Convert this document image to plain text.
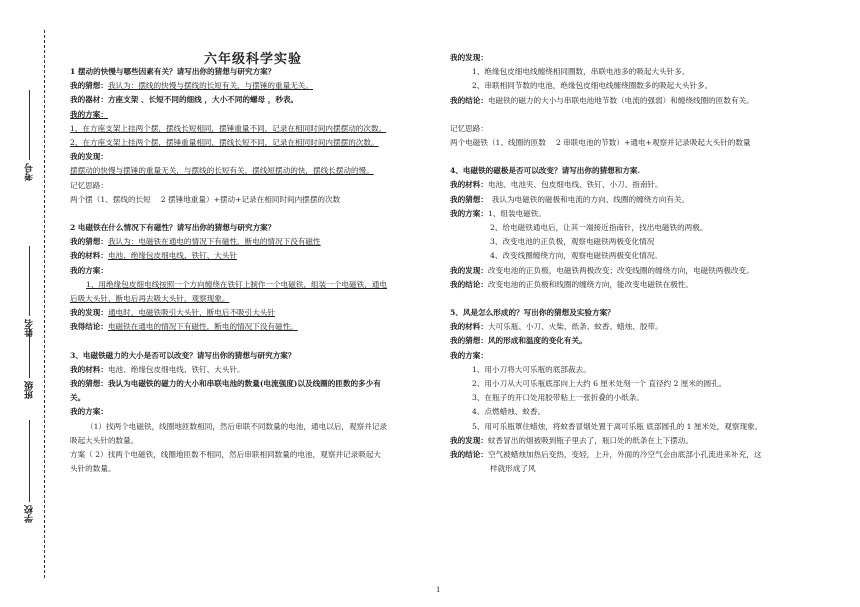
考号
姓名
班级
学校
六年级科学实验
1 摆动的快慢与哪些因素有关？请写出你的猜想与研究方案？
我的猜想：我认为：摆线的快慢与摆线的长短有关，与摆锤的重量无关。
我的器材：方座支架 、长短不同的细线 ，大小不同的螺母 ，秒表。
我的方案：
1、在方座支架上挂两个摆，摆线长短相同，摆锤重量不同，记录在相同时间内摆摆动的次数。
2、在方座支架上挂两个摆，摆锤重量相同，摆线长短不同，记录在相同时间内摆摆的次数。
我的发现：
摆摆动的快慢与摆锤的重量无关，与摆线的长短有关，摆线短摆动的快，摆线长摆动的慢。
记忆思路：
两个摆（1、摆线的长短 　2 摆锤地重量）+摆动+记录在相同时间内摆摆的次数
2 电磁铁在什么情况下有磁性？请写出你的猜想与研究方案？
我的猜想：我认为：电磁铁在通电的情况下有磁性，断电的情况下没有磁性
我的材料：电池、绝缘包皮细电线、铁钉、大头针
我的方案：
1、用绝缘包皮细电线按照一个方向缠绕在铁钉上制作一个电磁铁，组装一个电磁铁，通电
后吸大头针，断电后再去吸大头针，观察现象。
我的发现：通电时，电磁铁吸引大头针，断电后不吸引大头针
我得结论：电磁铁在通电的情况下有磁性，断电的情况下没有磁性。
3、电磁铁磁力的大小是否可以改变？请写出你的猜想与研究方案？
我的材料：电池、绝缘包皮细电线、铁钉、大头针。
我的猜想：我认为电磁铁的磁力的大小和串联电池的数量(电流强度)以及线圈的匝数的多少有
关。
我的方案：
（1）找两个电磁铁，线圈地匝数相同，然后串联不同数量的电池，通电以后，观察并记录
吸起大头针的数量。
方案（ 2）找两个电磁铁，线圈地匝数不相同，然后串联相同数量的电池，观察并记录吸起大
头针的数量。
我的发现：
1、绝缘包皮细电线缠绕相同圈数，串联电池多的吸起大头针多。
2、串联相同节数的电池，绝缘包皮细电线缠绕圈数多的吸起大头针多。
我的结论：电磁铁的磁力的大小与串联电池地节数（电流的强弱）和缠绕线圈的匝数有关。
记忆思路：
两个电磁铁（1、线圈的匝数 　2 串联电池的节数）+通电+观察并记录吸起大头针的数量
4、电磁铁的磁极是否可以改变？请写出你的猜想和方案.
我的材料：电池、电池夹、包皮细电线、铁钉、小刀、指南针。
我的猜想：　我认为电磁铁的磁极和电流的方向、线圈的缠绕方向有关。
我的方案：1、组装电磁铁。
2、给电磁铁通电后，让其一端接近指南针，找出电磁铁的两极。
3、改变电池的正负极，观察电磁铁两极变化情况
4、改变线圈缠绕方向，观察电磁铁两极变化情况。
我的发现：改变电池的正负极，电磁铁两极改变；改变线圈的缠绕方向，电磁铁两极改变。
我的结论：改变电池的正负极和线圈的缠绕方向，能改变电磁铁在极性。
5、风是怎么形成的？写出你的猜想及实验方案？
我的材料：大可乐瓶、小刀、火柴、纸条、蚊香、蜡烛、胶带。
我的猜想：风的形成和温度的变化有关。
我的方案：
1、用小刀将大可乐瓶的底部裁去。
2、用小刀从大可乐瓶底部向上大约 6 厘米处刻一个 直径约 2 厘米的圆孔。
3、在瓶子的开口处用胶带粘上一张折叠的小纸条。
4、点燃蜡烛、蚊香。
5、用可乐瓶罩住蜡烛，将蚊香冒烟处置于离可乐瓶 底部圆孔的 1 厘米处，观察现象。
我的发现：蚊香冒出的烟被吸到瓶子里去了，瓶口处的纸条在上下摆动。
我的结论：空气被蜡烛加热后变热，变轻，上升，外面的冷空气会由底部小孔流进来补充，这
样就形成了风
1
